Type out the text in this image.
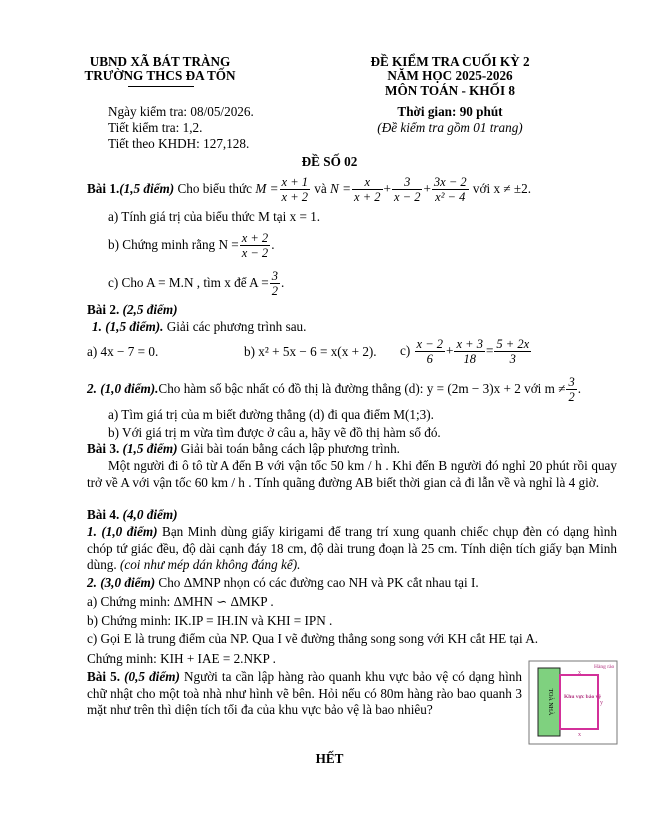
UBND XÃ BÁT TRÀNG
TRƯỜNG THCS ĐA TỐN
ĐỀ KIỂM TRA CUỐI KỲ 2
NĂM HỌC 2025-2026
MÔN TOÁN - KHỐI 8
Ngày kiểm tra: 08/05/2026.
Tiết kiểm tra: 1,2.
Tiết theo KHDH: 127,128.
Thời gian: 90 phút
(Đề kiểm tra gồm 01 trang)
ĐỀ SỐ 02
Bài 1. (1,5 điểm)
Cho biểu thức
$M = \frac{x + 1}{x + 2}$
và
$N = \frac{x}{x + 2} + \frac{3}{x - 2} + \frac{3x - 2}{\text{x² − 4}}$
với x ≠ ±2.
a) Tính giá trị của biểu thức M tại x = 1.
b) Chứng minh rằng $N = \frac{x + 2}{x - 2}$ .
c) Cho A = M.N , tìm x để $A = \frac{3}{2}$ .
Bài 2. (2,5 điểm)
1. (1,5 điểm). Giải các phương trình sau.
a) 4x − 7 = 0.	b) x² + 5x − 6 = x(x + 2). c)
$\frac{x - 2}{6} + \frac{x + 3}{18} = \frac{5 + 2x}{3}$
2. (1,0 điểm). Cho hàm số bậc nhất có đồ thị là đường thẳng (d): y = (2m − 3)x + 2 với $m \ne \frac{3}{2}$ .
a) Tìm giá trị của m biết đường thẳng (d) đi qua điểm M(1;3).
b) Với giá trị m vừa tìm được ở câu a, hãy vẽ đồ thị hàm số đó.
Bài 3. (1,5 điểm) Giải bài toán bằng cách lập phương trình.
Một người đi ô tô từ A đến B với vận tốc 50 km / h . Khi đến B người đó nghỉ 20 phút rồi quay trở về A với vận tốc 60 km / h . Tính quãng đường AB biết thời gian cả đi lẫn về và nghỉ là 4 giờ.
Bài 4. (4,0 điểm)
1. (1,0 điểm) Bạn Minh dùng giấy kirigami để trang trí xung quanh chiếc chụp đèn có dạng hình chóp tứ giác đều, độ dài cạnh đáy 18 cm, độ dài trung đoạn là 25 cm. Tính diện tích giấy bạn Minh dùng. (coi như mép dán không đáng kể).
2. (3,0 điểm) Cho ΔMNP nhọn có các đường cao NH và PK cắt nhau tại I.
a) Chứng minh: ΔMHN ∽ ΔMKP .
b) Chứng minh: IK.IP = IH.IN và KHI = IPN .
c) Gọi E là trung điểm của NP. Qua I vẽ đường thẳng song song với KH cắt HE tại A.
Chứng minh: KIH + IAE = 2.NKP .
Bài 5. (0,5 điểm) Người ta cần lập hàng rào quanh khu vực bảo vệ có dạng hình chữ nhật cho một toà nhà như hình vẽ bên. Hỏi nếu có 80m hàng rào bao quanh 3 mặt như trên thì diện tích tối đa của khu vực bảo vệ là bao nhiêu?	TOÀ NHÀ
Hàng rào
Khu vực bảo vệ
x
y
x
HẾT
